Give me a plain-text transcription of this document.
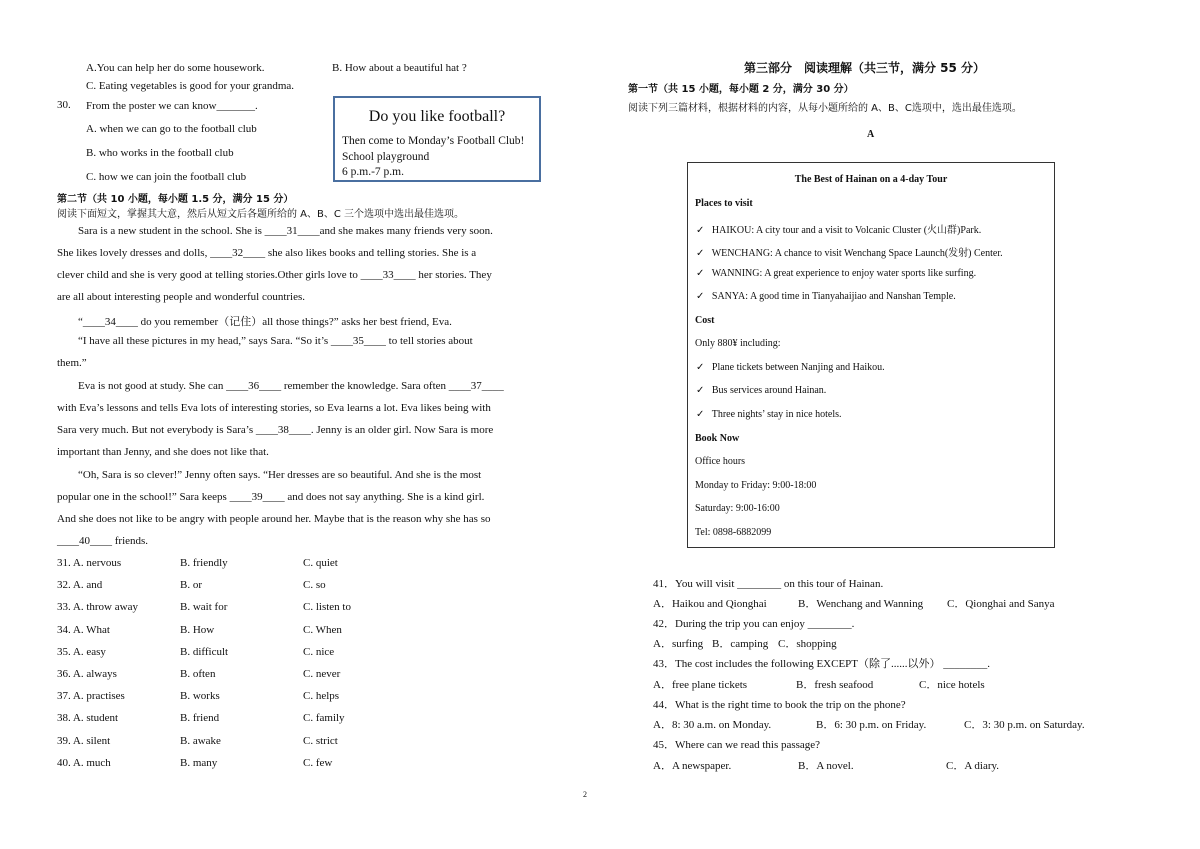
A.You can help her do some housework.	B. How about a beautiful hat ?
C. Eating vegetables is good for your grandma.
30. From the poster we can know_______.
A. when we can go to the football club
B. who works in the football club
C. how we can join the football club
Do you like football?
Then come to Monday’s Football Club!
School playground
6 p.m.-7 p.m.
第二节（共 10 小题，每小题 1.5 分，满分 15 分）
阅读下面短文，掌握其大意，然后从短文后各题所给的 A、B、C 三个选项中选出最佳选项。
Sara is a new student in the school. She is ____31____and she makes many friends very soon.
She likes lovely dresses and dolls, ____32____ she also likes books and telling stories. She is a
clever child and she is very good at telling stories.Other girls love to ____33____ her stories. They
are all about interesting people and wonderful countries.
“____34____ do you remember（记住）all those things?” asks her best friend, Eva.
“I have all these pictures in my head,” says Sara. “So it’s ____35____ to tell stories about
them.”
Eva is not good at study. She can ____36____ remember the knowledge. Sara often ____37____
with Eva’s lessons and tells Eva lots of interesting stories, so Eva learns a lot. Eva likes being with
Sara very much. But not everybody is Sara’s ____38____. Jenny is an older girl. Now Sara is more
important than Jenny, and she does not like that.
“Oh, Sara is so clever!” Jenny often says. “Her dresses are so beautiful. And she is the most
popular one in the school!” Sara keeps ____39____ and does not say anything. She is a kind girl.
And she does not like to be angry with people around her. Maybe that is the reason why she has so
____40____ friends.
31. A. nervous	B. friendly	C. quiet
32. A. and	B. or	C. so
33. A. throw away	B. wait for	C. listen to
34. A. What	B. How	C. When
35. A. easy	B. difficult	C. nice
36. A. always	B. often	C. never
37. A. practises	B. works	C. helps
38. A. student	B. friend	C. family
39. A. silent	B. awake	C. strict
40. A. much	B. many	C. few
第三部分　阅读理解（共三节，满分 55 分）
第一节（共 15 小题，每小题 2 分，满分 30 分）
阅读下列三篇材料，根据材料的内容，从每小题所给的 A、B、C选项中，选出最佳选项。
A
The Best of Hainan on a 4-day Tour
Places to visit
✓ HAIKOU: A city tour and a visit to Volcanic Cluster (火山群)Park.
✓ WENCHANG: A chance to visit Wenchang Space Launch(发射) Center.
✓ WANNING: A great experience to enjoy water sports like surfing.
✓ SANYA: A good time in Tianyahaijiao and Nanshan Temple.
Cost
Only 880¥ including:
✓ Plane tickets between Nanjing and Haikou.
✓ Bus services around Hainan.
✓ Three nights’ stay in nice hotels.
Book Now
Office hours
Monday to Friday: 9:00-18:00
Saturday: 9:00-16:00
Tel: 0898-6882099
41．You will visit ________ on this tour of Hainan.
A．Haikou and Qionghai	B．Wenchang and Wanning C．Qionghai and Sanya
42．During the trip you can enjoy ________.
A．surfing B．camping C．shopping
43．The cost includes the following EXCEPT（除了......以外） ________.
A．free plane tickets	B．fresh seafood	C．nice hotels
44．What is the right time to book the trip on the phone?
A．8: 30 a.m. on Monday.	B．6: 30 p.m. on Friday.	C．3: 30 p.m. on Saturday.
45．Where can we read this passage?
A．A newspaper.	B．A novel.	C．A diary.
2
